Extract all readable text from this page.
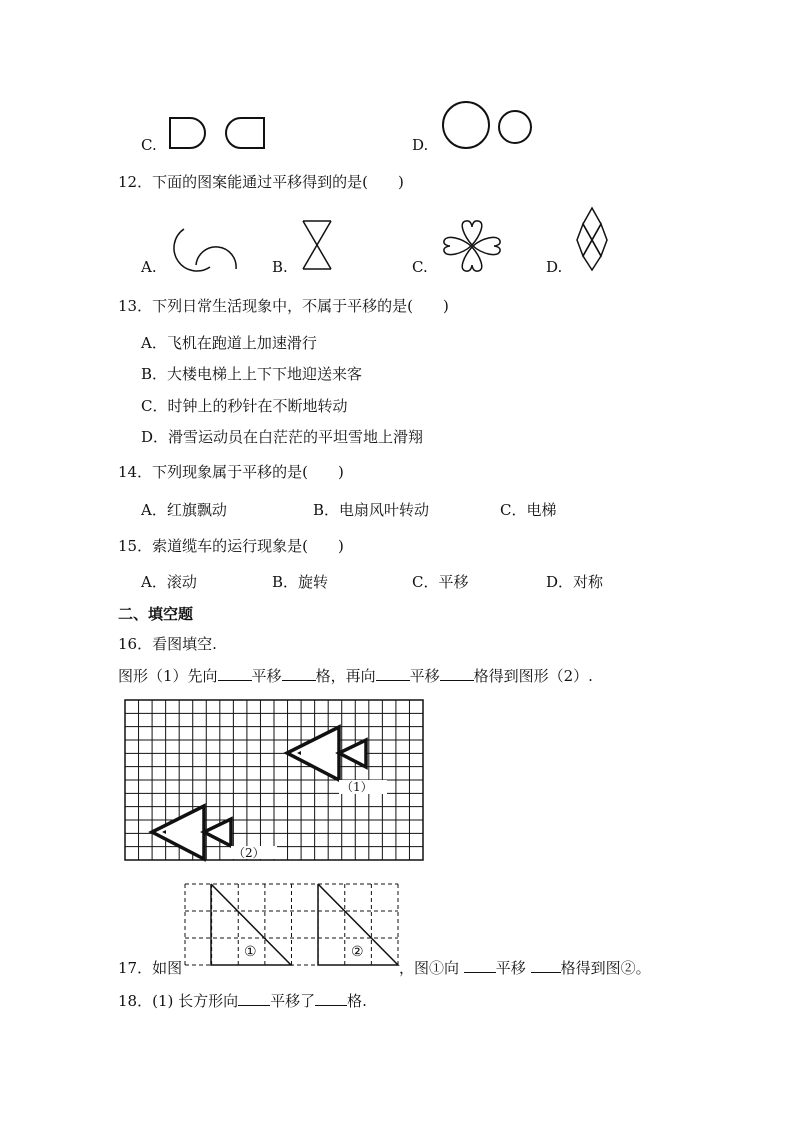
C.	D.
12．下面的图案能通过平移得到的是(　　)
A.	B.	C.	D.
13．下列日常生活现象中，不属于平移的是(　　)
A．飞机在跑道上加速滑行
B．大楼电梯上上下下地迎送来客
C．时钟上的秒针在不断地转动
D．滑雪运动员在白茫茫的平坦雪地上滑翔
14．下列现象属于平移的是(　　)
A．红旗飘动	B．电扇风叶转动	C．电梯
15．索道缆车的运行现象是(　　)
A．滚动	B．旋转	C．平移	D．对称
二、填空题
16．看图填空.
图形（1）先向 平移 格，再向 平移 格得到图形（2）.
（1）
（2）
17．如图
①	②
，图①向 平移 格得到图②。
18．(1) 长方形向 平移了 格.
